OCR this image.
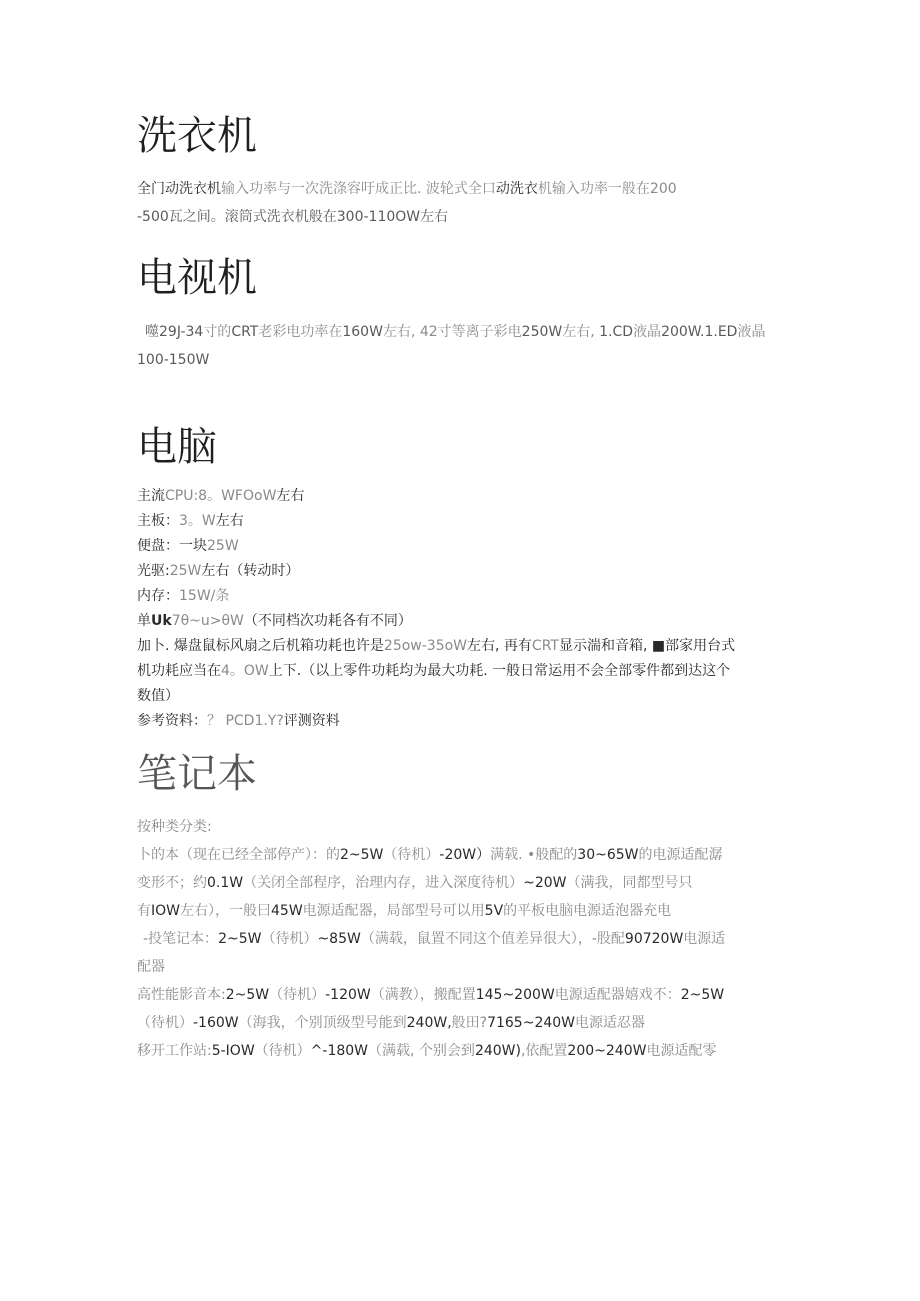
洗衣机
全门动洗衣机输入功率与一次洗涤容吁成正比. 波轮式全口动洗衣机输入功率一般在200
-500瓦之间。滚筒式洗衣机般在300-110OW左右
电视机
噬29J-34寸的CRT老彩电功率在160W左右, 42寸等离子彩电250W左右, 1.CD液晶200W.1.ED液晶
100-150W
电脑
主流CPU:8。WFOoW左右
主板：3。W左右
便盘：一块25W
光驱:25W左右（转动时）
内存：15W/条
单Uk7θ~u>θW（不同档次功耗各有不同）
加卜. 爆盘鼠标风扇之后机箱功耗也许是25ow-35oW左右, 再有CRT显示湍和音箱, ■部家用台式
机功耗应当在4。OW上下.（以上零件功耗均为最大功耗. 一般日常运用不会全部零件都到达这个
数值）
参考资料：？ PCD1.Y?评测资料
笔记本
按种类分类:
卜的本（现在已经全部停产）：的2~5W（待机）-20W）满载. •般配的30~65W的电源适配潺
变形不；约0.1W（关闭全部程序，治理内存，进入深度待机）~20W（满我，同都型号只
有IOW左右），一般曰45W电源适配器，局部型号可以用5V的平板电脑电源适泡器充电
-投笔记本：2~5W（待机）~85W（满载，鼠置不同这个值差异很大），-股配90720W电源适
配器
高性能影音本:2~5W（待机）-120W（满教），搬配置145~200W电源适配器嬉戏不：2~5W
（待机）-160W（海我，个别顶级型号能到240W,般田?7165~240W电源适忍器
移开工作站:5-IOW（待机）^-180W（满载, 个别会到240W),依配置200~240W电源适配零
